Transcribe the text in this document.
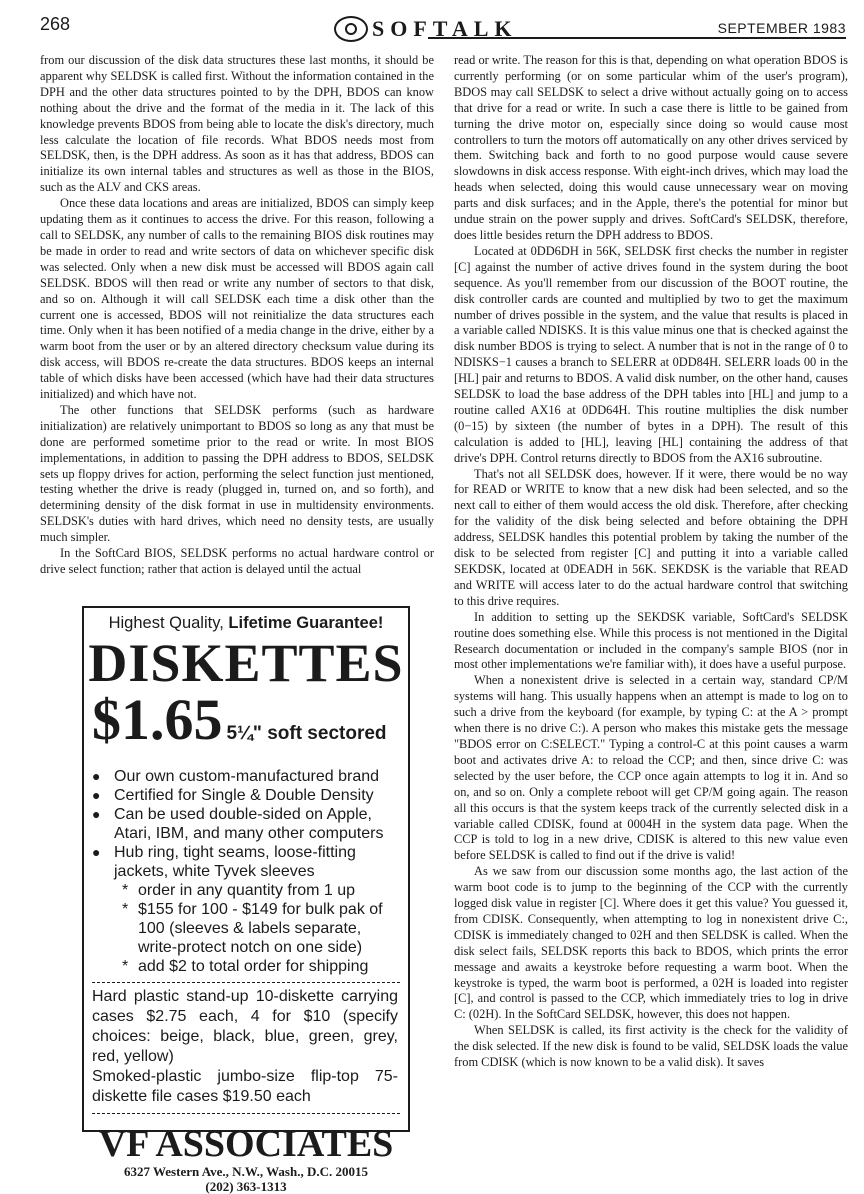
268	SOFTALK	SEPTEMBER 1983

from our discussion of the disk data structures these last months, it should be apparent why SELDSK is called first. Without the information contained in the DPH and the other data structures pointed to by the DPH, BDOS can know nothing about the drive and the format of the media in it. The lack of this knowledge prevents BDOS from being able to locate the disk's directory, much less calculate the location of file records. What BDOS needs most from SELDSK, then, is the DPH address. As soon as it has that address, BDOS can initialize its own internal tables and structures as well as those in the BIOS, such as the ALV and CKS areas.

Once these data locations and areas are initialized, BDOS can simply keep updating them as it continues to access the drive. For this reason, following a call to SELDSK, any number of calls to the remaining BIOS disk routines may be made in order to read and write sectors of data on whichever specific disk was selected. Only when a new disk must be accessed will BDOS again call SELDSK. BDOS will then read or write any number of sectors to that disk, and so on. Although it will call SELDSK each time a disk other than the current one is accessed, BDOS will not reinitialize the data structures each time. Only when it has been notified of a media change in the drive, either by a warm boot from the user or by an altered directory checksum value during its disk access, will BDOS re-create the data structures. BDOS keeps an internal table of which disks have been accessed (which have had their data structures initialized) and which have not.

The other functions that SELDSK performs (such as hardware initialization) are relatively unimportant to BDOS so long as any that must be done are performed sometime prior to the read or write. In most BIOS implementations, in addition to passing the DPH address to BDOS, SELDSK sets up floppy drives for action, performing the select function just mentioned, testing whether the drive is ready (plugged in, turned on, and so forth), and determining density of the disk format in use in multidensity environments. SELDSK's duties with hard drives, which need no density tests, are usually much simpler.

In the SoftCard BIOS, SELDSK performs no actual hardware control or drive select function; rather that action is delayed until the actual

Highest Quality, Lifetime Guarantee!
DISKETTES
$1.65 5¼" soft sectored
● Our own custom-manufactured brand
● Certified for Single & Double Density
● Can be used double-sided on Apple, Atari, IBM, and many other computers
● Hub ring, tight seams, loose-fitting jackets, white Tyvek sleeves
* order in any quantity from 1 up
* $155 for 100 - $149 for bulk pak of 100 (sleeves & labels separate, write-protect notch on one side)
* add $2 to total order for shipping
Hard plastic stand-up 10-diskette carrying cases $2.75 each, 4 for $10 (specify choices: beige, black, blue, green, grey, red, yellow)
Smoked-plastic jumbo-size flip-top 75-diskette file cases $19.50 each
VF ASSOCIATES
6327 Western Ave., N.W., Wash., D.C. 20015
(202) 363-1313

read or write. The reason for this is that, depending on what operation BDOS is currently performing (or on some particular whim of the user's program), BDOS may call SELDSK to select a drive without actually going on to access that drive for a read or write. In such a case there is little to be gained from turning the drive motor on, especially since doing so would cause most controllers to turn the motors off automatically on any other drives serviced by them. Switching back and forth to no good purpose would cause severe slowdowns in disk access response. With eight-inch drives, which may load the heads when selected, doing this would cause unnecessary wear on moving parts and disk surfaces; and in the Apple, there's the potential for minor but undue strain on the power supply and drives. SoftCard's SELDSK, therefore, does little besides return the DPH address to BDOS.

Located at 0DD6DH in 56K, SELDSK first checks the number in register [C] against the number of active drives found in the system during the boot sequence. As you'll remember from our discussion of the BOOT routine, the disk controller cards are counted and multiplied by two to get the maximum number of drives possible in the system, and the value that results is placed in a variable called NDISKS. It is this value minus one that is checked against the disk number BDOS is trying to select. A number that is not in the range of 0 to NDISKS−1 causes a branch to SELERR at 0DD84H. SELERR loads 00 in the [HL] pair and returns to BDOS. A valid disk number, on the other hand, causes SELDSK to load the base address of the DPH tables into [HL] and jump to a routine called AX16 at 0DD64H. This routine multiplies the disk number (0−15) by sixteen (the number of bytes in a DPH). The result of this calculation is added to [HL], leaving [HL] containing the address of that drive's DPH. Control returns directly to BDOS from the AX16 subroutine.

That's not all SELDSK does, however. If it were, there would be no way for READ or WRITE to know that a new disk had been selected, and so the next call to either of them would access the old disk. Therefore, after checking for the validity of the disk being selected and before obtaining the DPH address, SELDSK handles this potential problem by taking the number of the disk to be selected from register [C] and putting it into a variable called SEKDSK, located at 0DEADH in 56K. SEKDSK is the variable that READ and WRITE will access later to do the actual hardware control that switching to this drive requires.

In addition to setting up the SEKDSK variable, SoftCard's SELDSK routine does something else. While this process is not mentioned in the Digital Research documentation or included in the company's sample BIOS (nor in most other implementations we're familiar with), it does have a useful purpose.

When a nonexistent drive is selected in a certain way, standard CP/M systems will hang. This usually happens when an attempt is made to log on to such a drive from the keyboard (for example, by typing C: at the A > prompt when there is no drive C:). A person who makes this mistake gets the message "BDOS error on C:SELECT." Typing a control-C at this point causes a warm boot and activates drive A: to reload the CCP; and then, since drive C: was selected by the user before, the CCP once again attempts to log it in. And so on, and so on. Only a complete reboot will get CP/M going again. The reason all this occurs is that the system keeps track of the currently selected disk in a variable called CDISK, found at 0004H in the system data page. When the CCP is told to log in a new drive, CDISK is altered to this new value even before SELDSK is called to find out if the drive is valid!

As we saw from our discussion some months ago, the last action of the warm boot code is to jump to the beginning of the CCP with the currently logged disk value in register [C]. Where does it get this value? You guessed it, from CDISK. Consequently, when attempting to log in nonexistent drive C:, CDISK is immediately changed to 02H and then SELDSK is called. When the disk select fails, SELDSK reports this back to BDOS, which prints the error message and awaits a keystroke before requesting a warm boot. When the keystroke is typed, the warm boot is performed, a 02H is loaded into register [C], and control is passed to the CCP, which immediately tries to log in drive C: (02H). In the SoftCard SELDSK, however, this does not happen.

When SELDSK is called, its first activity is the check for the validity of the disk selected. If the new disk is found to be valid, SELDSK loads the value from CDISK (which is now known to be a valid disk). It saves
